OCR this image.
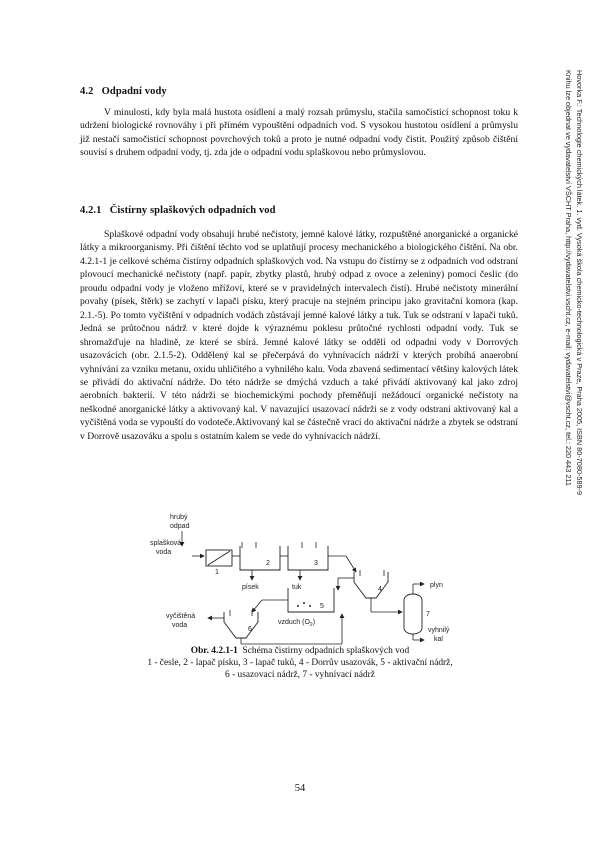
4.2 Odpadní vody
V minulosti, kdy byla malá hustota osídlení a malý rozsah průmyslu, stačila samočisticí schopnost toku k udržení biologické rovnováhy i při přímém vypouštění odpadních vod. S vysokou hustotou osídlení a průmyslu již nestačí samočisticí schopnost povrchových toků a proto je nutné odpadní vody čistit. Použitý způsob čištění souvisí s druhem odpadní vody, tj. zda jde o odpadní vodu splaškovou nebo průmyslovou.
4.2.1 Čistírny splaškových odpadních vod
Splaškové odpadní vody obsahují hrubé nečistoty, jemné kalové látky, rozpuštěné anorganické a organické látky a mikroorganismy. Při čištění těchto vod se uplatňují procesy mechanického a biologického čištění. Na obr. 4.2.1-1 je celkové schéma čistírny odpadních splaškových vod. Na vstupu do čistírny se z odpadních vod odstraní plovoucí mechanické nečistoty (např. papír, zbytky plastů, hrubý odpad z ovoce a zeleniny) pomocí česlic (do proudu odpadní vody je vloženo mřížoví, které se v pravidelných intervalech čistí). Hrubé nečistoty minerální povahy (písek, štěrk) se zachytí v lapači písku, který pracuje na stejném principu jako gravitační komora (kap. 2.1.-5). Po tomto vyčištění v odpadních vodách zůstávají jemné kalové látky a tuk. Tuk se odstraní v lapači tuků. Jedná se průtočnou nádrž v které dojde k výraznému poklesu průtočné rychlosti odpadní vody. Tuk se shromažďuje na hladině, ze které se sbírá. Jemné kalové látky se oddělí od odpadní vody v Dorrových usazovácích (obr. 2.1.5-2). Oddělený kal se přečerpává do vyhnívacích nádrží v kterých probíhá anaerobní vyhnívání za vzniku metanu, oxidu uhličitého a vyhnilého kalu. Voda zbavená sedimentací většiny kalových látek se přivádí do aktivační nádrže. Do této nádrže se dmýchá vzduch a také přivádí aktivovaný kal jako zdroj aerobních bakterií. V této nádrži se biochemickými pochody přeměňují nežádoucí organické nečistoty na neškodné anorganické látky a aktivovaný kal. V navazující usazovací nádrži se z vody odstraní aktivovaný kal a vyčištěná voda se vypouští do vodoteče.Aktivovaný kal se částečně vrací do aktivační nádrže a zbytek se odstraní v Dorrově usazováku a spolu s ostatním kalem se vede do vyhnívacích nádrží.	Hovorka F.: Technologie chemických látek. 1. vyd. Vysoká škola chemicko-technologická v Praze, Praha 2005, ISBN 80-7080-589-9
Knihu lze objednat ve vydavatelství VŠCHT Praha, http://vydavatelstvi.vscht.cz, e-mail: vydavatelstvi@vscht.cz, tel.: 220 443 211
hrubý
odpad
splašková
voda
1
2
písek
3
tuk	4
5
vzduch $(O_2)$
6
vyčištěná
voda
7
plyn
vyhnilý
kal
Obr. 4.2.1-1 Schéma čistírny odpadních splaškových vod
1 - česle, 2 - lapač písku, 3 - lapač tuků, 4 - Dorrův usazovák, 5 - aktivační nádrž,
6 - usazovací nádrž, 7 - vyhnívací nádrž
54
